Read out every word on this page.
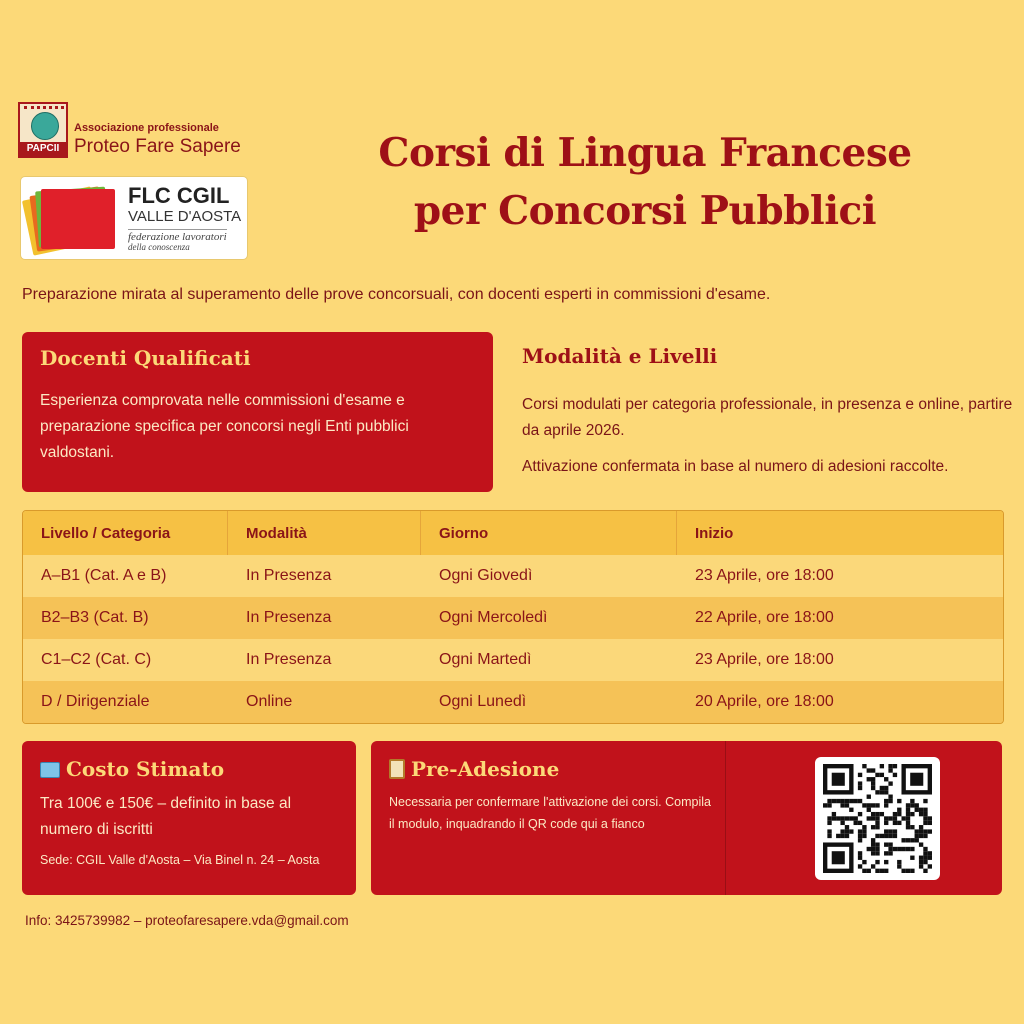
PAPCII
Associazione professionale
Proteo Fare Sapere
FLC CGIL
VALLE D'AOSTA
federazione lavoratori
della conoscenza
Corsi di Lingua Francese
per Concorsi Pubblici
Preparazione mirata al superamento delle prove concorsuali, con docenti esperti in commissioni d'esame.
Docenti Qualificati
Esperienza comprovata nelle commissioni d'esame e preparazione specifica per concorsi negli Enti pubblici valdostani.
Modalità e Livelli
Corsi modulati per categoria professionale, in presenza e online, partire da aprile 2026.
Attivazione confermata in base al numero di adesioni raccolte.
Livello / Categoria	Modalità	Giorno	Inizio
A–B1 (Cat. A e B)	In Presenza	Ogni Giovedì	23 Aprile, ore 18:00
B2–B3 (Cat. B)	In Presenza	Ogni Mercoledì	22 Aprile, ore 18:00
C1–C2 (Cat. C)	In Presenza	Ogni Martedì	23 Aprile, ore 18:00
D / Dirigenziale	Online	Ogni Lunedì	20 Aprile, ore 18:00
Costo Stimato
Tra 100€ e 150€ – definito in base al numero di iscritti
Sede: CGIL Valle d'Aosta – Via Binel n. 24 – Aosta
Pre-Adesione
Necessaria per confermare l'attivazione dei corsi. Compila il modulo, inquadrando il QR code qui a fianco
Info: 3425739982 – proteofaresapere.vda@gmail.com
